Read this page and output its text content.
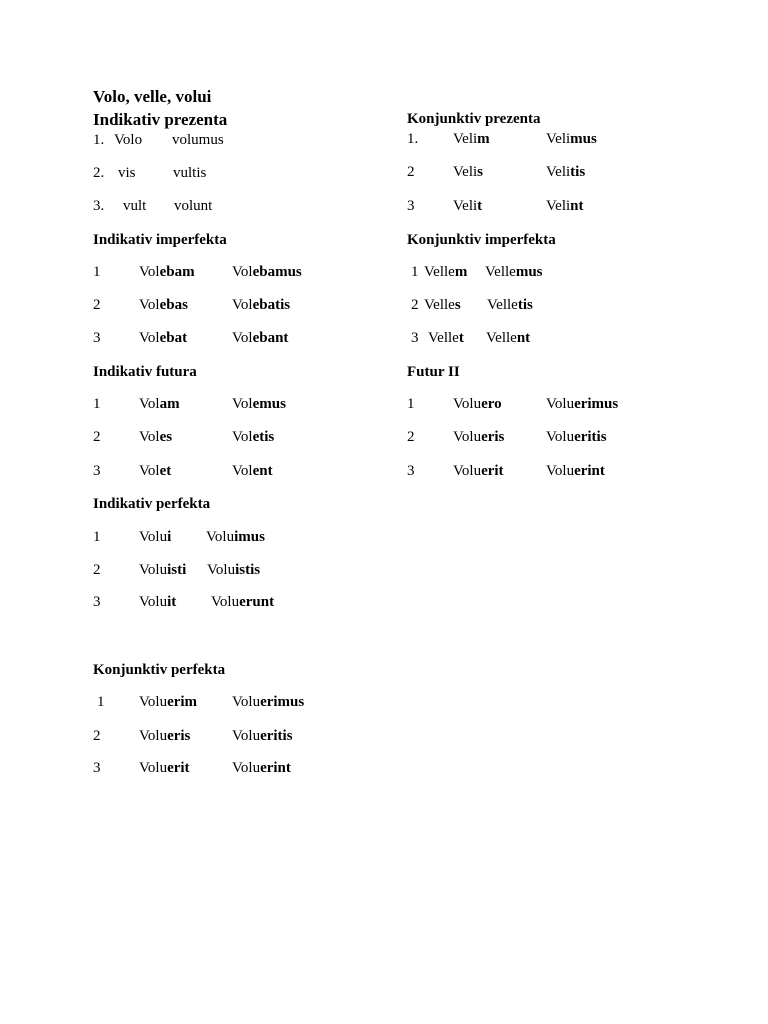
Volo, velle, volui
Indikativ prezenta
1. Volo volumus
2. vis vultis
3. vult volunt
Konjunktiv prezenta
1. Velim	Velimus
2	Velis	Velitis
3	Velit	Velint
Indikativ imperfekta
1	Volebam Volebamus
2	Volebas	Volebatis
3	Volebat	Volebant
Konjunktiv imperfekta
1 Vellem Vellemus
2 Velles Velletis
3 Vellet Vellent
Indikativ futura
1	Volam	Volemus
2	Voles	Voletis
3	Volet	Volent
Futur II
1	Voluero	Voluerimus
2	Volueris	Volueritis
3	Voluerit	Voluerint
Indikativ perfekta
1	Volui Voluimus
2	Voluisti Voluistis
3	Voluit Voluerunt
Konjunktiv perfekta
1 Voluerim Voluerimus
2	Volueris	Volueritis
3	Voluerit	Voluerint
